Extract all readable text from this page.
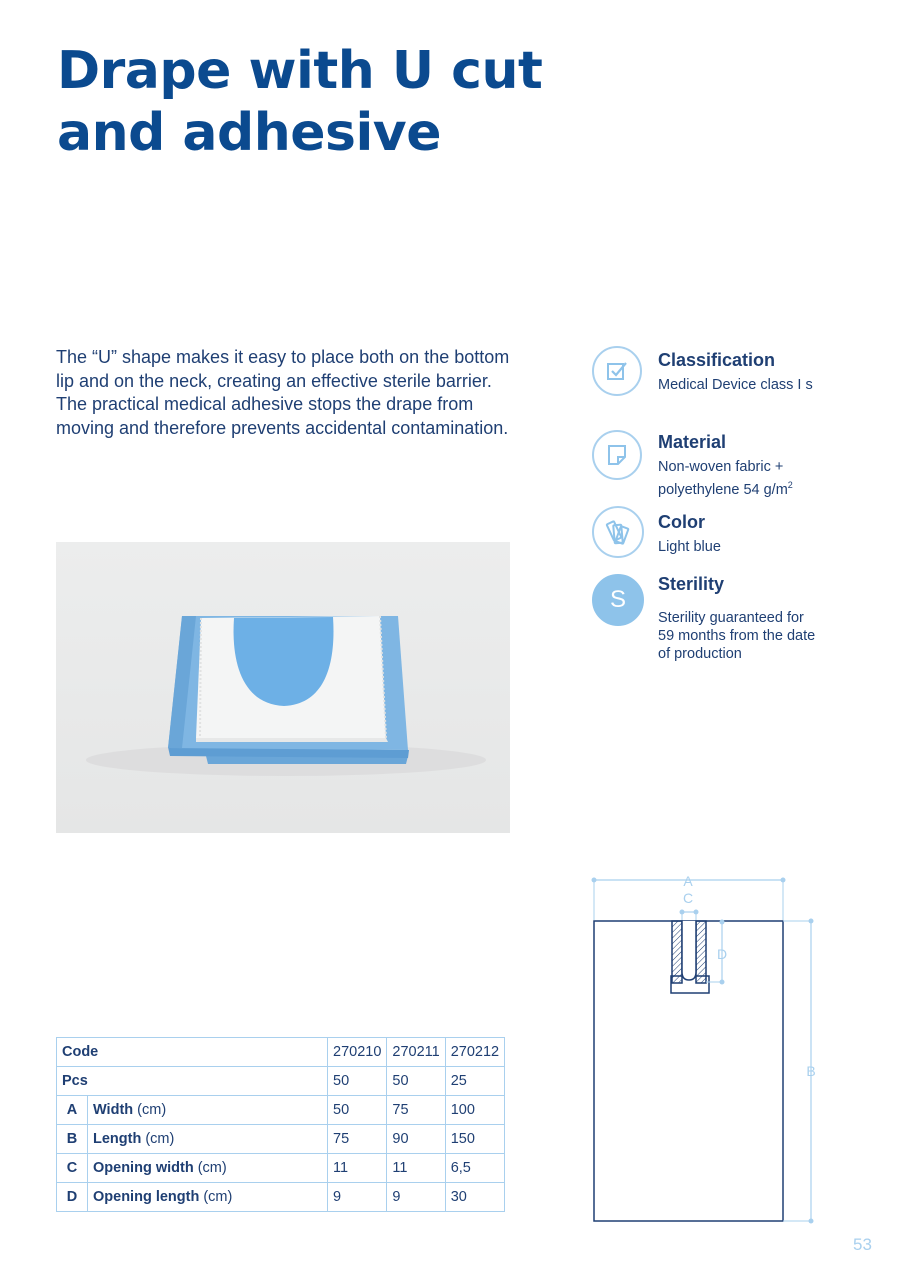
Drape with U cut
and adhesive

The “U” shape makes it easy to place both on the bottom lip and on the neck, creating an effective sterile barrier. The practical medical adhesive stops the drape from moving and therefore prevents accidental contamination.

Classification
Medical Device class I s
Material
Non-woven fabric +
polyethylene 54 $g/m^2$
Color
Light blue
S
Sterility
Sterility guaranteed for
59 months from the date
of production
A
C
D
B
Code		270210	270211	270212
Pcs		50	50	25
A	Width (cm)	50	75	100
B	Length (cm)	75	90	150
C	Opening width (cm)	11	11	6,5
D	Opening length (cm)	9	9	30
53
